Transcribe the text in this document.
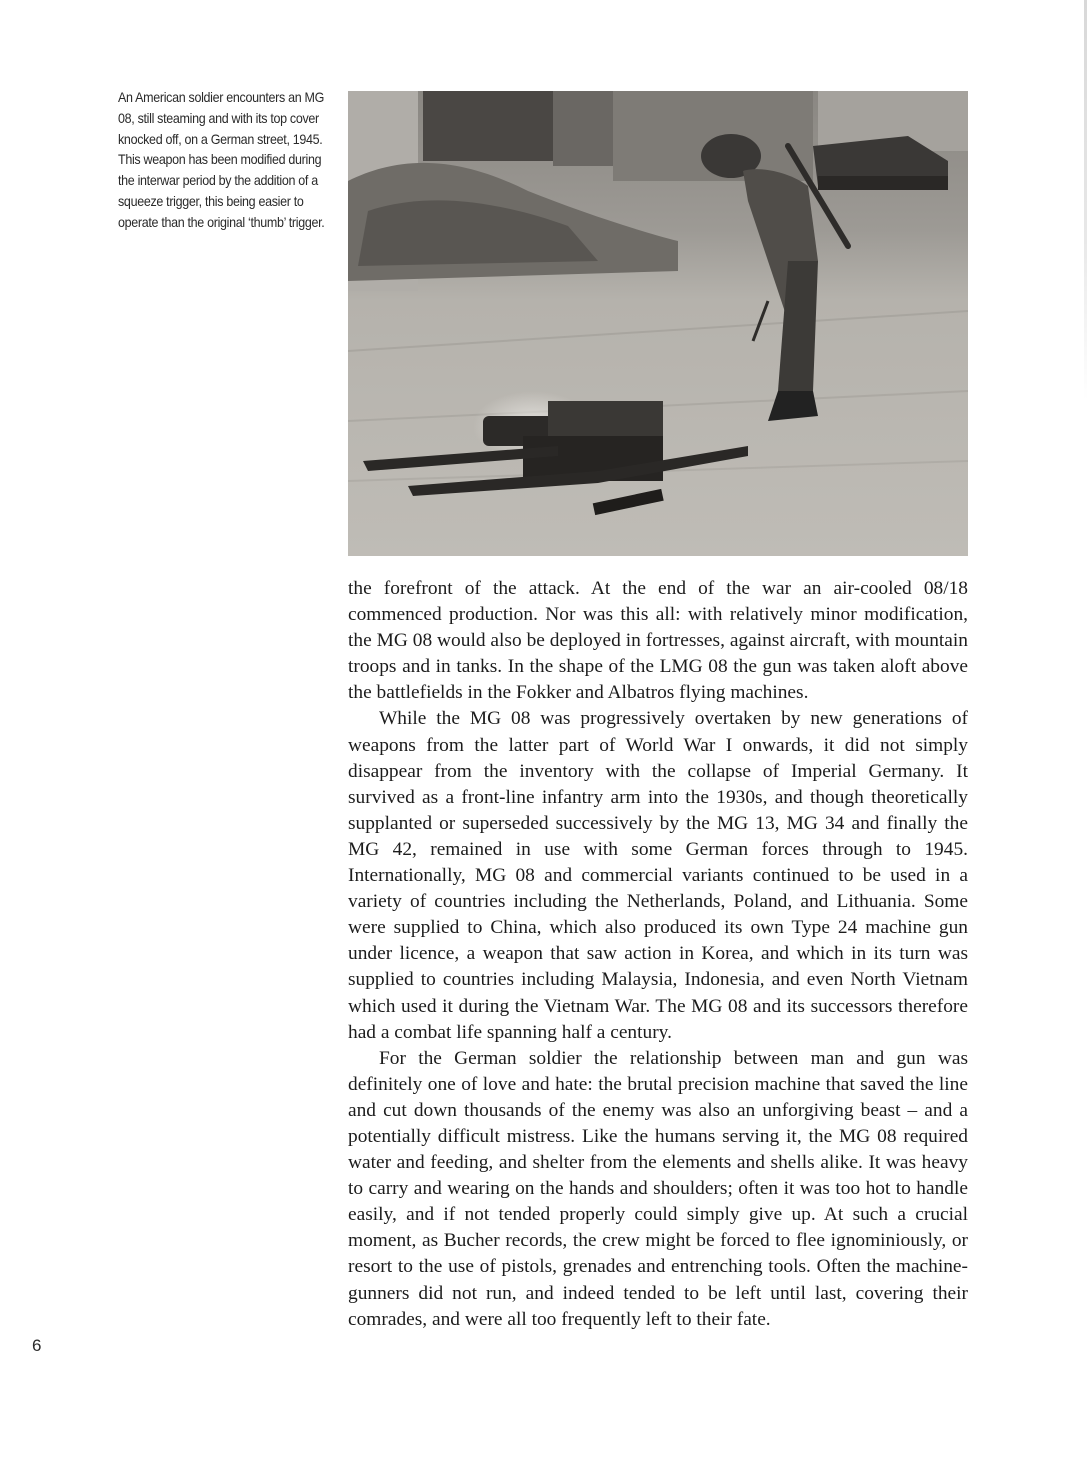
An American soldier encounters an MG 08, still steaming and with its top cover knocked off, on a German street, 1945. This weapon has been modified during the interwar period by the addition of a squeeze trigger, this being easier to operate than the original ‘thumb’ trigger.

the forefront of the attack. At the end of the war an air-cooled 08/18 commenced production. Nor was this all: with relatively minor modification, the MG 08 would also be deployed in fortresses, against aircraft, with mountain troops and in tanks. In the shape of the LMG 08 the gun was taken aloft above the battlefields in the Fokker and Albatros flying machines.

While the MG 08 was progressively overtaken by new generations of weapons from the latter part of World War I onwards, it did not simply disappear from the inventory with the collapse of Imperial Germany. It survived as a front-line infantry arm into the 1930s, and though theoretically supplanted or superseded successively by the MG 13, MG 34 and finally the MG 42, remained in use with some German forces through to 1945. Internationally, MG 08 and commercial variants continued to be used in a variety of countries including the Netherlands, Poland, and Lithuania. Some were supplied to China, which also produced its own Type 24 machine gun under licence, a weapon that saw action in Korea, and which in its turn was supplied to countries including Malaysia, Indonesia, and even North Vietnam which used it during the Vietnam War. The MG 08 and its successors therefore had a combat life spanning half a century.

For the German soldier the relationship between man and gun was definitely one of love and hate: the brutal precision machine that saved the line and cut down thousands of the enemy was also an unforgiving beast – and a potentially difficult mistress. Like the humans serving it, the MG 08 required water and feeding, and shelter from the elements and shells alike. It was heavy to carry and wearing on the hands and shoulders; often it was too hot to handle easily, and if not tended properly could simply give up. At such a crucial moment, as Bucher records, the crew might be forced to flee ignominiously, or resort to the use of pistols, grenades and entrenching tools. Often the machine-gunners did not run, and indeed tended to be left until last, covering their comrades, and were all too frequently left to their fate.

6
